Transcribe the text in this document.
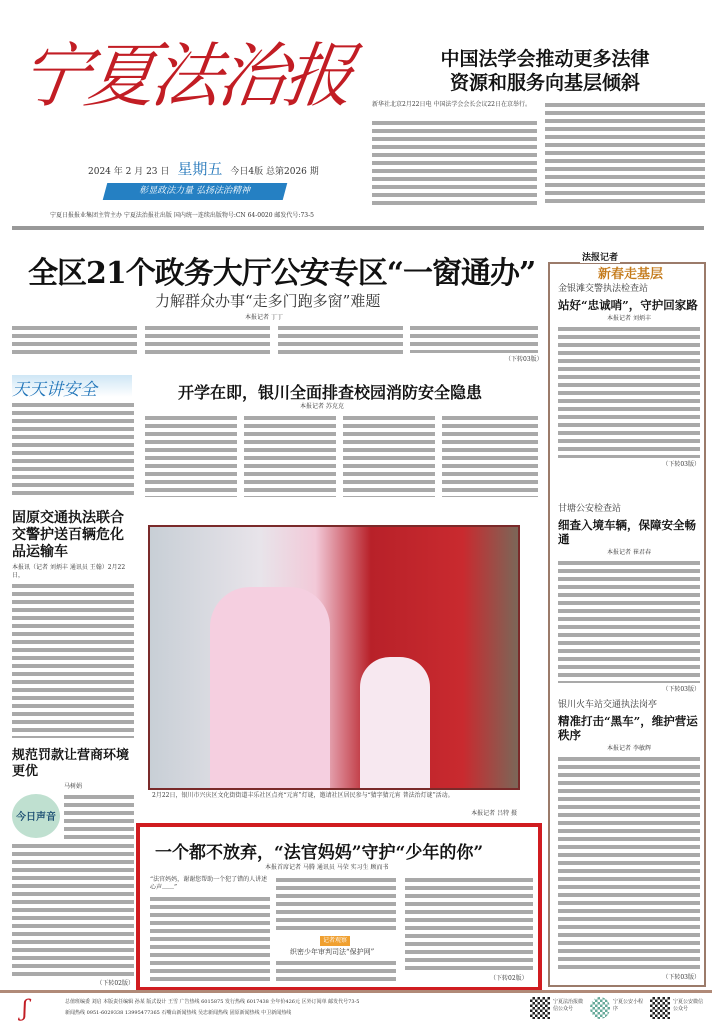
宁夏法治报
2024 年 2 月 23 日 星期五 今日4版 总第2026 期
彰显政法力量 弘扬法治精神
宁夏日报报业集团主管主办 宁夏法治报社出版 国内统一连续出版物号:CN 64-0020 邮发代号:73-5
中国法学会推动更多法律资源和服务向基层倾斜
新华社北京2月22日电 中国法学会会长会议22日在京举行。
全区21个政务大厅公安专区“一窗通办”
力解群众办事“走多门跑多窗”难题
本报记者 丁丁
（下转03版）
天天讲安全	开学在即，银川全面排查校园消防安全隐患
本报记者 苏克克
固原交通执法联合交警护送百辆危化品运输车
本报讯（记者 刘炳丰 通讯员 王翰）2月22日，
规范罚款让营商环境更优
马树娟
今日声音
（下转02版）
2月22日，银川市兴庆区文化街街道丰乐社区点亮“元宵”灯谜，邀请社区居民参与“猜字猜元宵 普法治灯谜”活动。
本报记者 吕特 摄
一个都不放弃，“法官妈妈”守护“少年的你”
本报首席记者 马腾 通讯员 马荣 实习生 顾而书
“法官妈妈，谢谢您帮助一个犯了错的人讲述心声……”
记者观察
织密少年审判司法“保护网”
（下转02版）
法报记者
新春走基层
金银滩交警执法检查站
站好“忠诚哨”，守护回家路
本报记者 刘炳丰
（下转03版）
甘塘公安检查站
细查入境车辆，保障安全畅通
本报记者 崔君春
（下转03版）
银川火车站交通执法岗亭
精准打击“黑车”，维护营运秩序
本报记者 李敏辉
（下转03版）
ʃ	总值班编委 刘启 本版责任编辑 孙某 版式设计 王雪 广告热线 6015875 发行热线 6017438 全年价426元 区外订阅单 邮发代号73-5
新闻热线 0951-6029338 13995477365 石嘴山新闻热线 吴忠新闻热线 固原新闻热线 中卫新闻热线
宁夏法治报微信公众号
宁夏公安小程序
宁夏公安微信公众号
